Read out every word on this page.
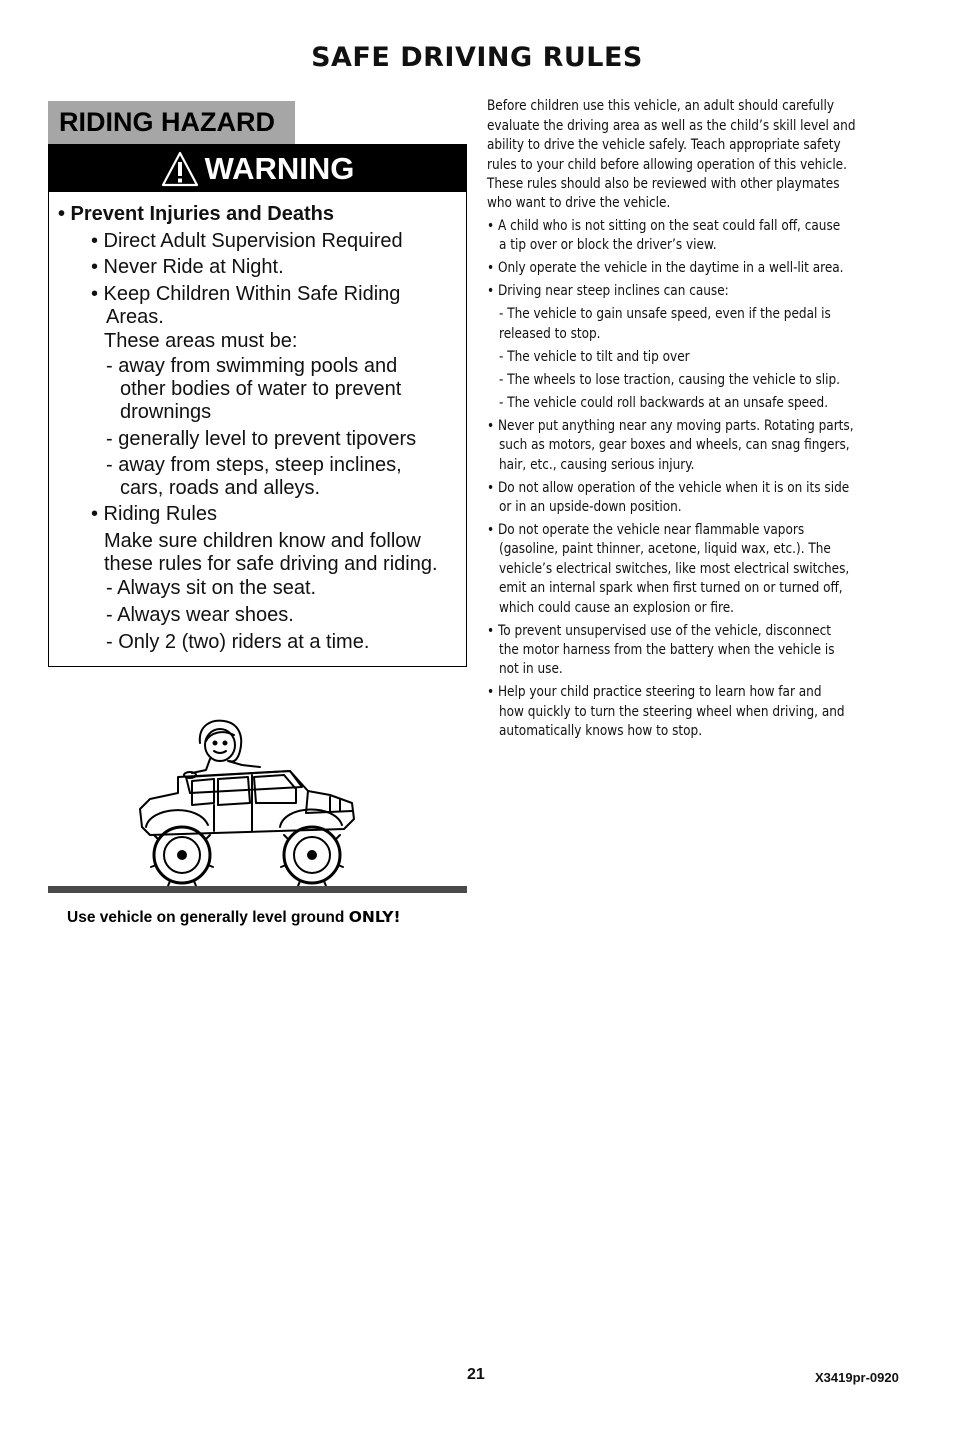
SAFE DRIVING RULES
RIDING HAZARD
WARNING
• Prevent Injuries and Deaths
• Direct Adult Supervision Required
• Never Ride at Night.
• Keep Children Within Safe Riding
Areas.
These areas must be:
- away from swimming pools and
other bodies of water to prevent
drownings
- generally level to prevent tipovers
- away from steps, steep inclines,
cars, roads and alleys.
• Riding Rules
Make sure children know and follow
these rules for safe driving and riding.
- Always sit on the seat.
- Always wear shoes.
- Only 2 (two) riders at a time.
Use vehicle on generally level ground ONLY!
Before children use this vehicle, an adult should carefully
evaluate the driving area as well as the child’s skill level and
ability to drive the vehicle safely. Teach appropriate safety
rules to your child before allowing operation of this vehicle.
These rules should also be reviewed with other playmates
who want to drive the vehicle.
• A child who is not sitting on the seat could fall off, cause
a tip over or block the driver’s view.
• Only operate the vehicle in the daytime in a well-lit area.
• Driving near steep inclines can cause:
- The vehicle to gain unsafe speed, even if the pedal is
released to stop.
- The vehicle to tilt and tip over
- The wheels to lose traction, causing the vehicle to slip.
- The vehicle could roll backwards at an unsafe speed.
• Never put anything near any moving parts. Rotating parts,
such as motors, gear boxes and wheels, can snag fingers,
hair, etc., causing serious injury.
• Do not allow operation of the vehicle when it is on its side
or in an upside-down position.
• Do not operate the vehicle near flammable vapors
(gasoline, paint thinner, acetone, liquid wax, etc.). The
vehicle’s electrical switches, like most electrical switches,
emit an internal spark when first turned on or turned off,
which could cause an explosion or fire.
• To prevent unsupervised use of the vehicle, disconnect
the motor harness from the battery when the vehicle is
not in use.
• Help your child practice steering to learn how far and
how quickly to turn the steering wheel when driving, and
automatically knows how to stop.
21	X3419pr-0920
